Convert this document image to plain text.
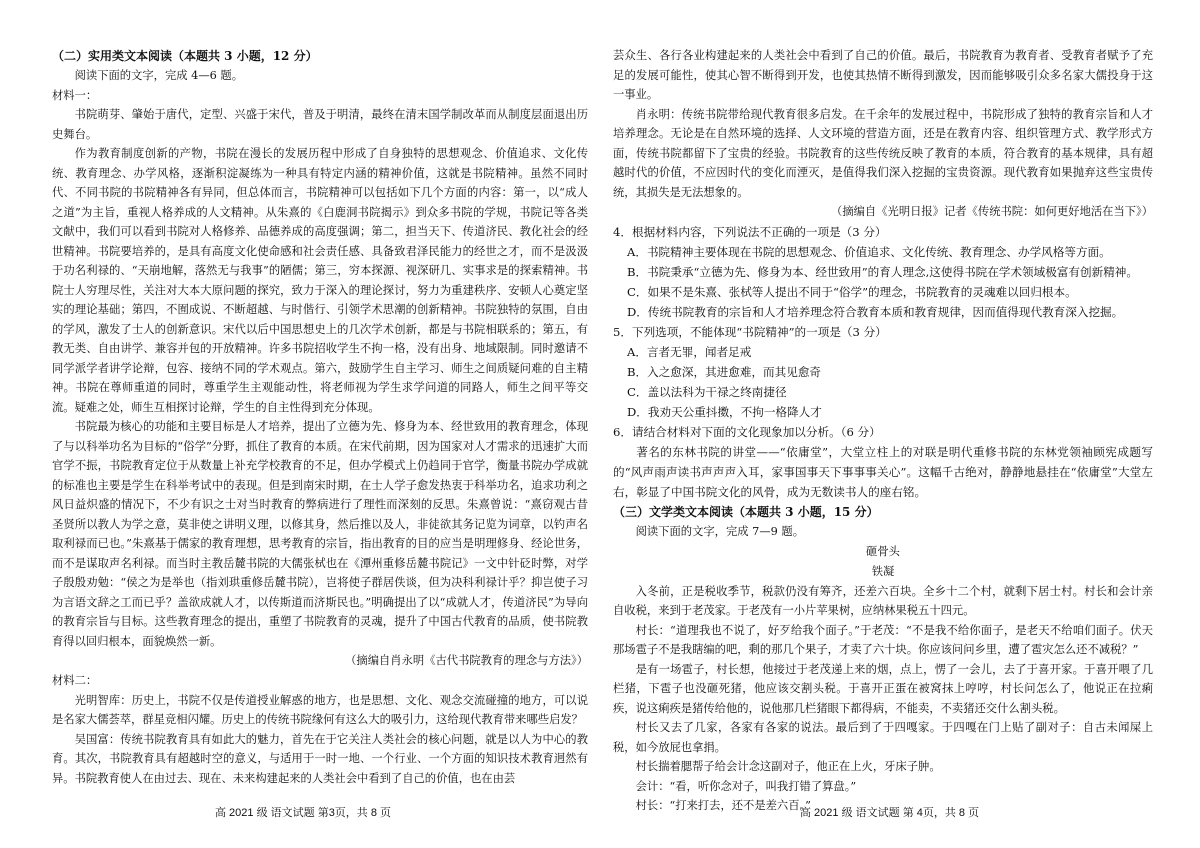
（二）实用类文本阅读（本题共 3 小题，12 分）

阅读下面的文字，完成 4—6 题。

材料一：

书院萌芽、肇始于唐代，定型、兴盛于宋代，普及于明清，最终在清末国学制改革而从制度层面退出历史舞台。

作为教育制度创新的产物，书院在漫长的发展历程中形成了自身独特的思想观念、价值追求、文化传统、教育理念、办学风格，逐渐积淀凝练为一种具有特定内涵的精神价值，这就是书院精神。虽然不同时代、不同书院的书院精神各有异同，但总体而言，书院精神可以包括如下几个方面的内容：第一，以“成人之道”为主旨，重视人格养成的人文精神。从朱熹的《白鹿洞书院揭示》到众多书院的学规，书院记等各类文献中，我们可以看到书院对人格修养、品德养成的高度强调；第二，担当天下、传道济民、教化社会的经世精神。书院要培养的，是具有高度文化使命感和社会责任感、具备致君泽民能力的经世之才，而不是汲汲于功名利禄的、“天崩地解，落然无与我事”的陋儒；第三，穷本探源、视深研几、实事求是的探索精神。书院士人穷理尽性，关注对大本大原问题的探究，致力于深入的理论探讨，努力为重建秩序、安顿人心奠定坚实的理论基础；第四，不囿成说、不断超越、与时偕行、引领学术思潮的创新精神。书院独特的氛围，自由的学风，激发了士人的创新意识。宋代以后中国思想史上的几次学术创新，都是与书院相联系的；第五，有教无类、自由讲学、兼容并包的开放精神。许多书院招收学生不拘一格，没有出身、地域限制。同时邀请不同学派学者讲学论辩，包容、接纳不同的学术观点。第六，鼓励学生自主学习、师生之间质疑问难的自主精神。书院在尊师重道的同时，尊重学生主观能动性，将老师视为学生求学问道的同路人，师生之间平等交流。疑难之处，师生互相探讨论辩，学生的自主性得到充分体现。

书院最为核心的功能和主要目标是人才培养，提出了立德为先、修身为本、经世致用的教育理念，体现了与以科举功名为目标的“俗学”分野，抓住了教育的本质。在宋代前期，因为国家对人才需求的迅速扩大而官学不振，书院教育定位于从数量上补充学校教育的不足，但办学模式上仍趋同于官学，衡量书院办学成就的标准也主要是学生在科举考试中的表现。但是到南宋时期，在士人学子愈发热衷于科举功名，追求功利之风日益炽盛的情况下，不少有识之士对当时教育的弊病进行了理性而深刻的反思。朱熹曾说：“熹窃观古昔圣贤所以教人为学之意，莫非使之讲明义理，以修其身，然后推以及人，非徒欲其务记览为词章，以钓声名取利禄而已也。”朱熹基于儒家的教育理想，思考教育的宗旨，指出教育的目的应当是明理修身、经论世务，而不是谋取声名利禄。而当时主教岳麓书院的大儒张栻也在《潭州重修岳麓书院记》一文中针砭时弊，对学子殷殷劝勉：“侯之为是举也（指刘珙重修岳麓书院），岂将使子群居佚谈，但为决科利禄计乎？抑岂使子习为言语文辞之工而已乎？盖欲成就人才，以传斯道而济斯民也。”明确提出了以“成就人才，传道济民”为导向的教育宗旨与目标。这些教育理念的提出，重塑了书院教育的灵魂，提升了中国古代教育的品质，使书院教育得以回归根本，面貌焕然一新。

（摘编自肖永明《古代书院教育的理念与方法》）

材料二：

光明智库：历史上，书院不仅是传道授业解惑的地方，也是思想、文化、观念交流碰撞的地方，可以说是名家大儒荟萃，群星竞相闪耀。历史上的传统书院缘何有这么大的吸引力，这给现代教育带来哪些启发？

吴国富：传统书院教育具有如此大的魅力，首先在于它关注人类社会的核心问题，就是以人为中心的教育。其次，书院教育具有超越时空的意义，与适用于一时一地、一个行业、一个方面的知识技术教育迥然有异。书院教育使人在由过去、现在、未来构建起来的人类社会中看到了自己的价值，也在由芸

芸众生、各行各业构建起来的人类社会中看到了自己的价值。最后，书院教育为教育者、受教育者赋予了充足的发展可能性，使其心智不断得到开发，也使其热情不断得到激发，因而能够吸引众多名家大儒投身于这一事业。

肖永明：传统书院带给现代教育很多启发。在千余年的发展过程中，书院形成了独特的教育宗旨和人才培养理念。无论是在自然环境的选择、人文环境的营造方面，还是在教育内容、组织管理方式、教学形式方面，传统书院都留下了宝贵的经验。书院教育的这些传统反映了教育的本质，符合教育的基本规律，具有超越时代的价值，不应因时代的变化而湮灭，是值得我们深入挖掘的宝贵资源。现代教育如果抛弃这些宝贵传统，其损失是无法想象的。

（摘编自《光明日报》记者《传统书院：如何更好地活在当下》）

4．根据材料内容，下列说法不正确的一项是（3 分）

A．书院精神主要体现在书院的思想观念、价值追求、文化传统、教育理念、办学风格等方面。

B．书院秉承“立德为先、修身为本、经世致用”的育人理念,这使得书院在学术领域极富有创新精神。

C．如果不是朱熹、张栻等人提出不同于“俗学”的理念，书院教育的灵魂难以回归根本。

D．传统书院教育的宗旨和人才培养理念符合教育本质和教育规律，因而值得现代教育深入挖掘。

5．下列选项，不能体现“书院精神”的一项是（3 分）

A．言者无罪，闻者足戒

B．入之愈深，其进愈难，而其见愈奇

C．盖以法科为干禄之终南捷径

D．我劝天公重抖擞，不拘一格降人才

6．请结合材料对下面的文化现象加以分析。（6 分）

著名的东林书院的讲堂——“依庸堂”，大堂立柱上的对联是明代重修书院的东林党领袖顾宪成题写的“风声雨声读书声声声入耳，家事国事天下事事事关心”。这幅千古绝对，静静地悬挂在“依庸堂”大堂左右，彰显了中国书院文化的风骨，成为无数读书人的座右铭。

（三）文学类文本阅读（本题共 3 小题，15 分）

阅读下面的文字，完成 7—9 题。

砸骨头

铁凝

入冬前，正是税收季节，税款仍没有筹齐，还差六百块。全乡十二个村，就剩下居士村。村长和会计亲自收税，来到于老茂家。于老茂有一小片苹果树，应纳林果税五十四元。

村长：“道理我也不说了，好歹给我个面子。”于老茂：“不是我不给你面子，是老天不给咱们面子。伏天那场雹子不是我瞎编的吧，剩的那几个果子，才卖了六十块。你应该问问乡里，遭了雹灾怎么还不减税？”

是有一场雹子，村长想，他接过于老茂递上来的烟，点上，愣了一会儿，去了于喜开家。于喜开喂了几栏猪，下雹子也没砸死猪，他应该交割头税。于喜开正蛋在被窝抹上哼哼，村长问怎么了，他说正在拉痢疾，说这痢疾是猪传给他的，说他那几栏猪眼下都得病，不能卖，不卖猪还交什么割头税。

村长又去了几家，各家有各家的说法。最后到了于四嘎家。于四嘎在门上贴了副对子：自古未闻屎上税，如今放屁也拿捐。

村长揣着腮帮子给会计念这副对子，他正在上火，牙床子肿。

会计：“看，听你念对子，叫我打错了算盘。”

村长：“打来打去，还不是差六百。”

高 2021 级 语文试题 第3页，共 8 页	高 2021 级 语文试题 第 4页，共 8 页
